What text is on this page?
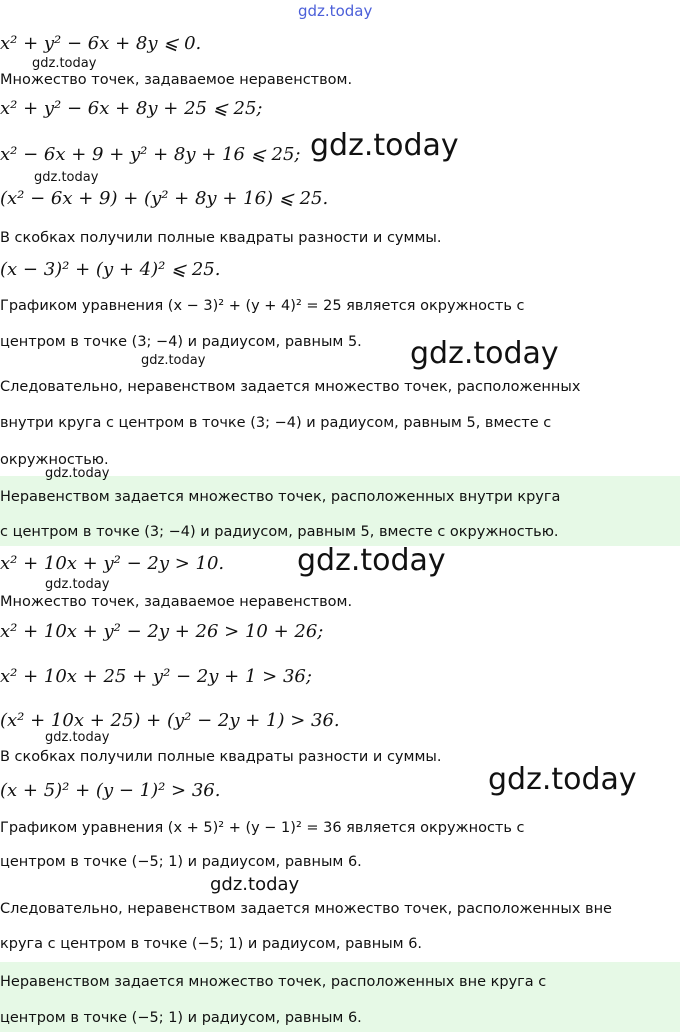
gdz.today
gdz.today
gdz.today
gdz.today
gdz.today	gdz.today
gdz.today
gdz.today
gdz.today
gdz.today
gdz.today
gdz.today
x² + y² − 6x + 8y ⩽ 0.
Множество точек, задаваемое неравенством.
x² + y² − 6x + 8y + 25 ⩽ 25;
x² − 6x + 9 + y² + 8y + 16 ⩽ 25;
(x² − 6x + 9) + (y² + 8y + 16) ⩽ 25.
В скобках получили полные квадраты разности и суммы.
(x − 3)² + (y + 4)² ⩽ 25.
Графиком уравнения (x − 3)² + (y + 4)² = 25 является окружность с
центром в точке (3; −4) и радиусом, равным 5.
Следовательно, неравенством задается множество точек, расположенных
внутри круга с центром в точке (3; −4) и радиусом, равным 5, вместе с
окружностью.
Неравенством задается множество точек, расположенных внутри круга
с центром в точке (3; −4) и радиусом, равным 5, вместе с окружностью.
x² + 10x + y² − 2y > 10.
Множество точек, задаваемое неравенством.
x² + 10x + y² − 2y + 26 > 10 + 26;
x² + 10x + 25 + y² − 2y + 1 > 36;
(x² + 10x + 25) + (y² − 2y + 1) > 36.
В скобках получили полные квадраты разности и суммы.
(x + 5)² + (y − 1)² > 36.
Графиком уравнения (x + 5)² + (y − 1)² = 36 является окружность с
центром в точке (−5; 1) и радиусом, равным 6.
Следовательно, неравенством задается множество точек, расположенных вне
круга с центром в точке (−5; 1) и радиусом, равным 6.
Неравенством задается множество точек, расположенных вне круга с
центром в точке (−5; 1) и радиусом, равным 6.
